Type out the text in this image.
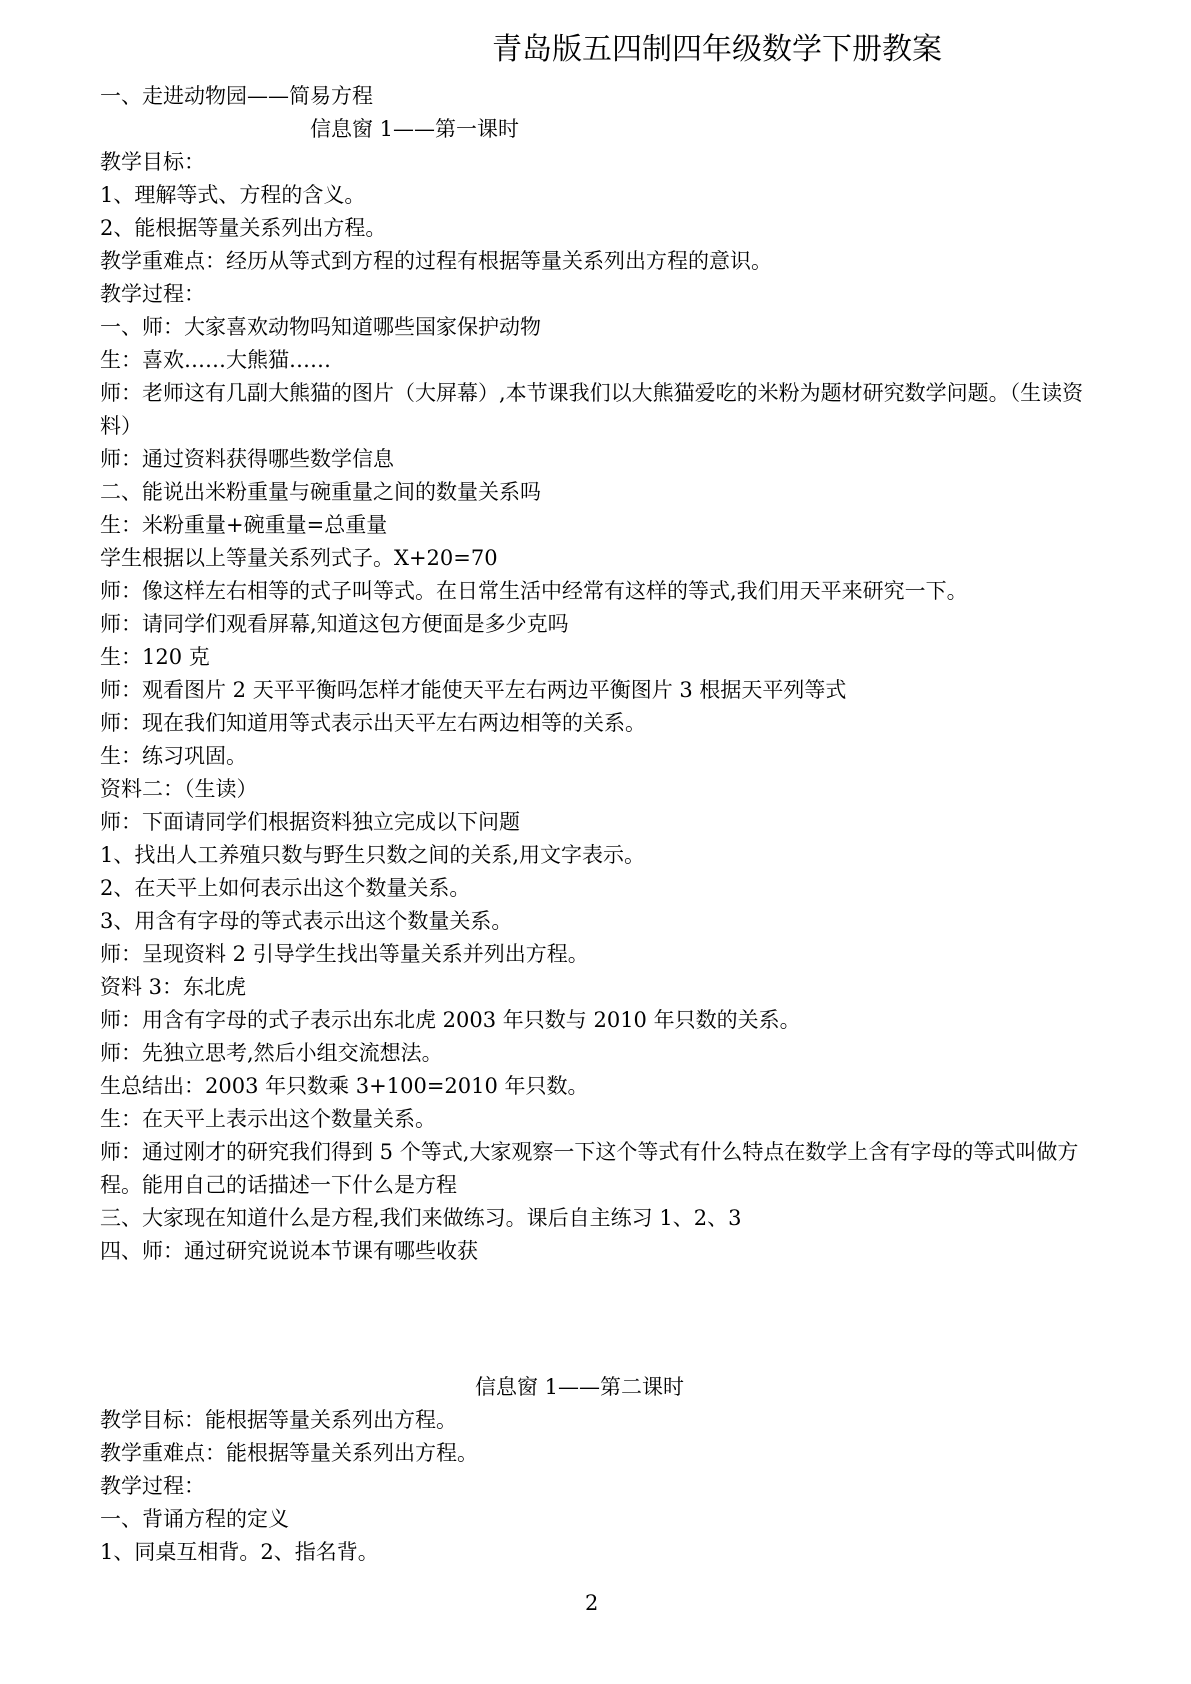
青岛版五四制四年级数学下册教案
一、走进动物园——简易方程
信息窗 1——第一课时
教学目标：
1、理解等式、方程的含义。
2、能根据等量关系列出方程。
教学重难点：经历从等式到方程的过程有根据等量关系列出方程的意识。
教学过程：
一、师：大家喜欢动物吗知道哪些国家保护动物
生：喜欢……大熊猫……
师：老师这有几副大熊猫的图片（大屏幕）,本节课我们以大熊猫爱吃的米粉为题材研究数学问题。（生读资料）
师：通过资料获得哪些数学信息
二、能说出米粉重量与碗重量之间的数量关系吗
生：米粉重量+碗重量=总重量
学生根据以上等量关系列式子。X+20=70
师：像这样左右相等的式子叫等式。在日常生活中经常有这样的等式,我们用天平来研究一下。
师：请同学们观看屏幕,知道这包方便面是多少克吗
生：120 克
师：观看图片 2 天平平衡吗怎样才能使天平左右两边平衡图片 3 根据天平列等式
师：现在我们知道用等式表示出天平左右两边相等的关系。
生：练习巩固。
资料二：（生读）
师：下面请同学们根据资料独立完成以下问题
1、找出人工养殖只数与野生只数之间的关系,用文字表示。
2、在天平上如何表示出这个数量关系。
3、用含有字母的等式表示出这个数量关系。
师：呈现资料 2 引导学生找出等量关系并列出方程。
资料 3：东北虎
师：用含有字母的式子表示出东北虎 2003 年只数与 2010 年只数的关系。
师：先独立思考,然后小组交流想法。
生总结出：2003 年只数乘 3+100=2010 年只数。
生：在天平上表示出这个数量关系。
师：通过刚才的研究我们得到 5 个等式,大家观察一下这个等式有什么特点在数学上含有字母的等式叫做方程。能用自己的话描述一下什么是方程
三、大家现在知道什么是方程,我们来做练习。课后自主练习 1、2、3
四、师：通过研究说说本节课有哪些收获
信息窗 1——第二课时
教学目标：能根据等量关系列出方程。
教学重难点：能根据等量关系列出方程。
教学过程：
一、背诵方程的定义
1、同桌互相背。2、指名背。
2
